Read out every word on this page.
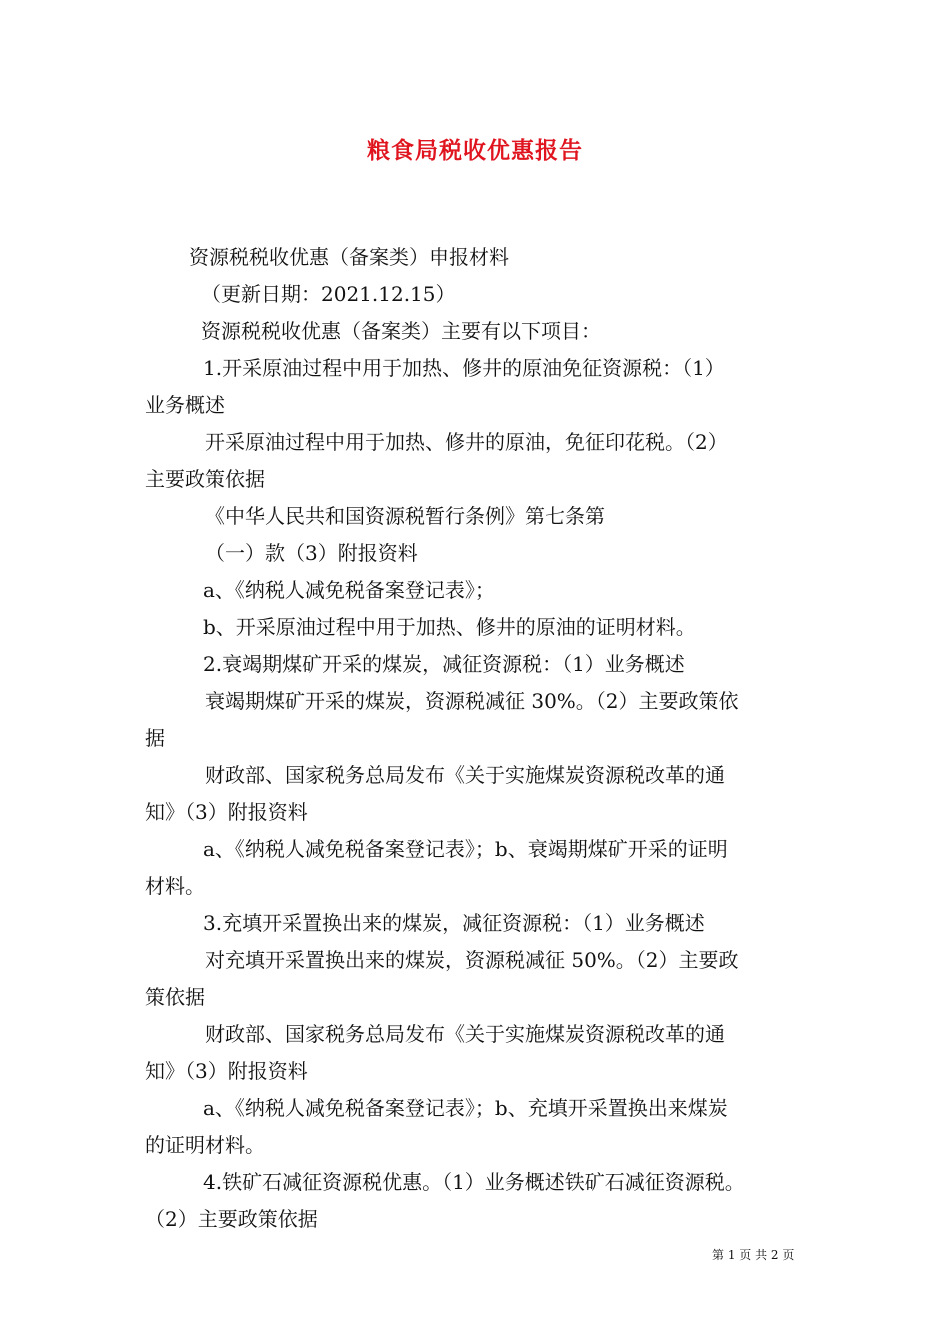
粮食局税收优惠报告
资源税税收优惠（备案类）申报材料
（更新日期：2021.12.15）
资源税税收优惠（备案类）主要有以下项目：
1.开采原油过程中用于加热、修井的原油免征资源税：（1）
业务概述
开采原油过程中用于加热、修井的原油，免征印花税。（2）
主要政策依据
《中华人民共和国资源税暂行条例》第七条第
（一）款（3）附报资料
a、《纳税人减免税备案登记表》；
b、开采原油过程中用于加热、修井的原油的证明材料。
2.衰竭期煤矿开采的煤炭，减征资源税：（1）业务概述
衰竭期煤矿开采的煤炭，资源税减征 30%。（2）主要政策依
据
财政部、国家税务总局发布《关于实施煤炭资源税改革的通
知》（3）附报资料
a、《纳税人减免税备案登记表》；b、衰竭期煤矿开采的证明
材料。
3.充填开采置换出来的煤炭，减征资源税：（1）业务概述
对充填开采置换出来的煤炭，资源税减征 50%。（2）主要政
策依据
财政部、国家税务总局发布《关于实施煤炭资源税改革的通
知》（3）附报资料
a、《纳税人减免税备案登记表》；b、充填开采置换出来煤炭
的证明材料。
4.铁矿石减征资源税优惠。（1）业务概述铁矿石减征资源税。
（2）主要政策依据
第 1 页 共 2 页
